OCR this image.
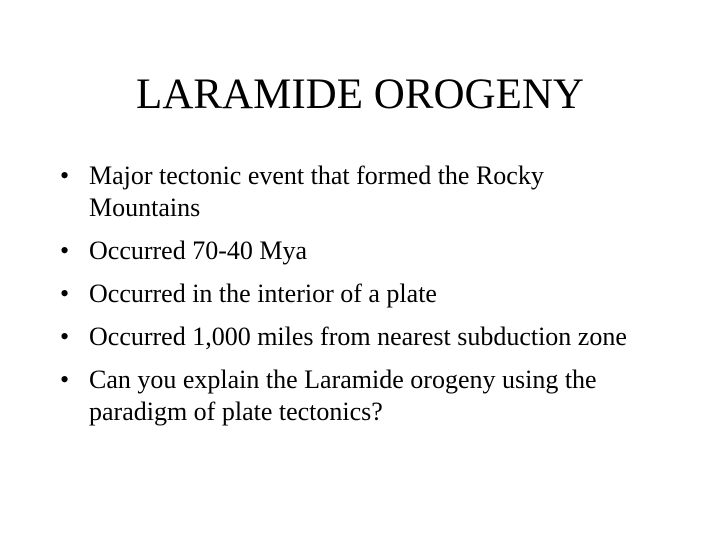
LARAMIDE OROGENY
• Major tectonic event that formed the Rocky Mountains
• Occurred 70-40 Mya
• Occurred in the interior of a plate
• Occurred 1,000 miles from nearest subduction zone
• Can you explain the Laramide orogeny using the paradigm of plate tectonics?
